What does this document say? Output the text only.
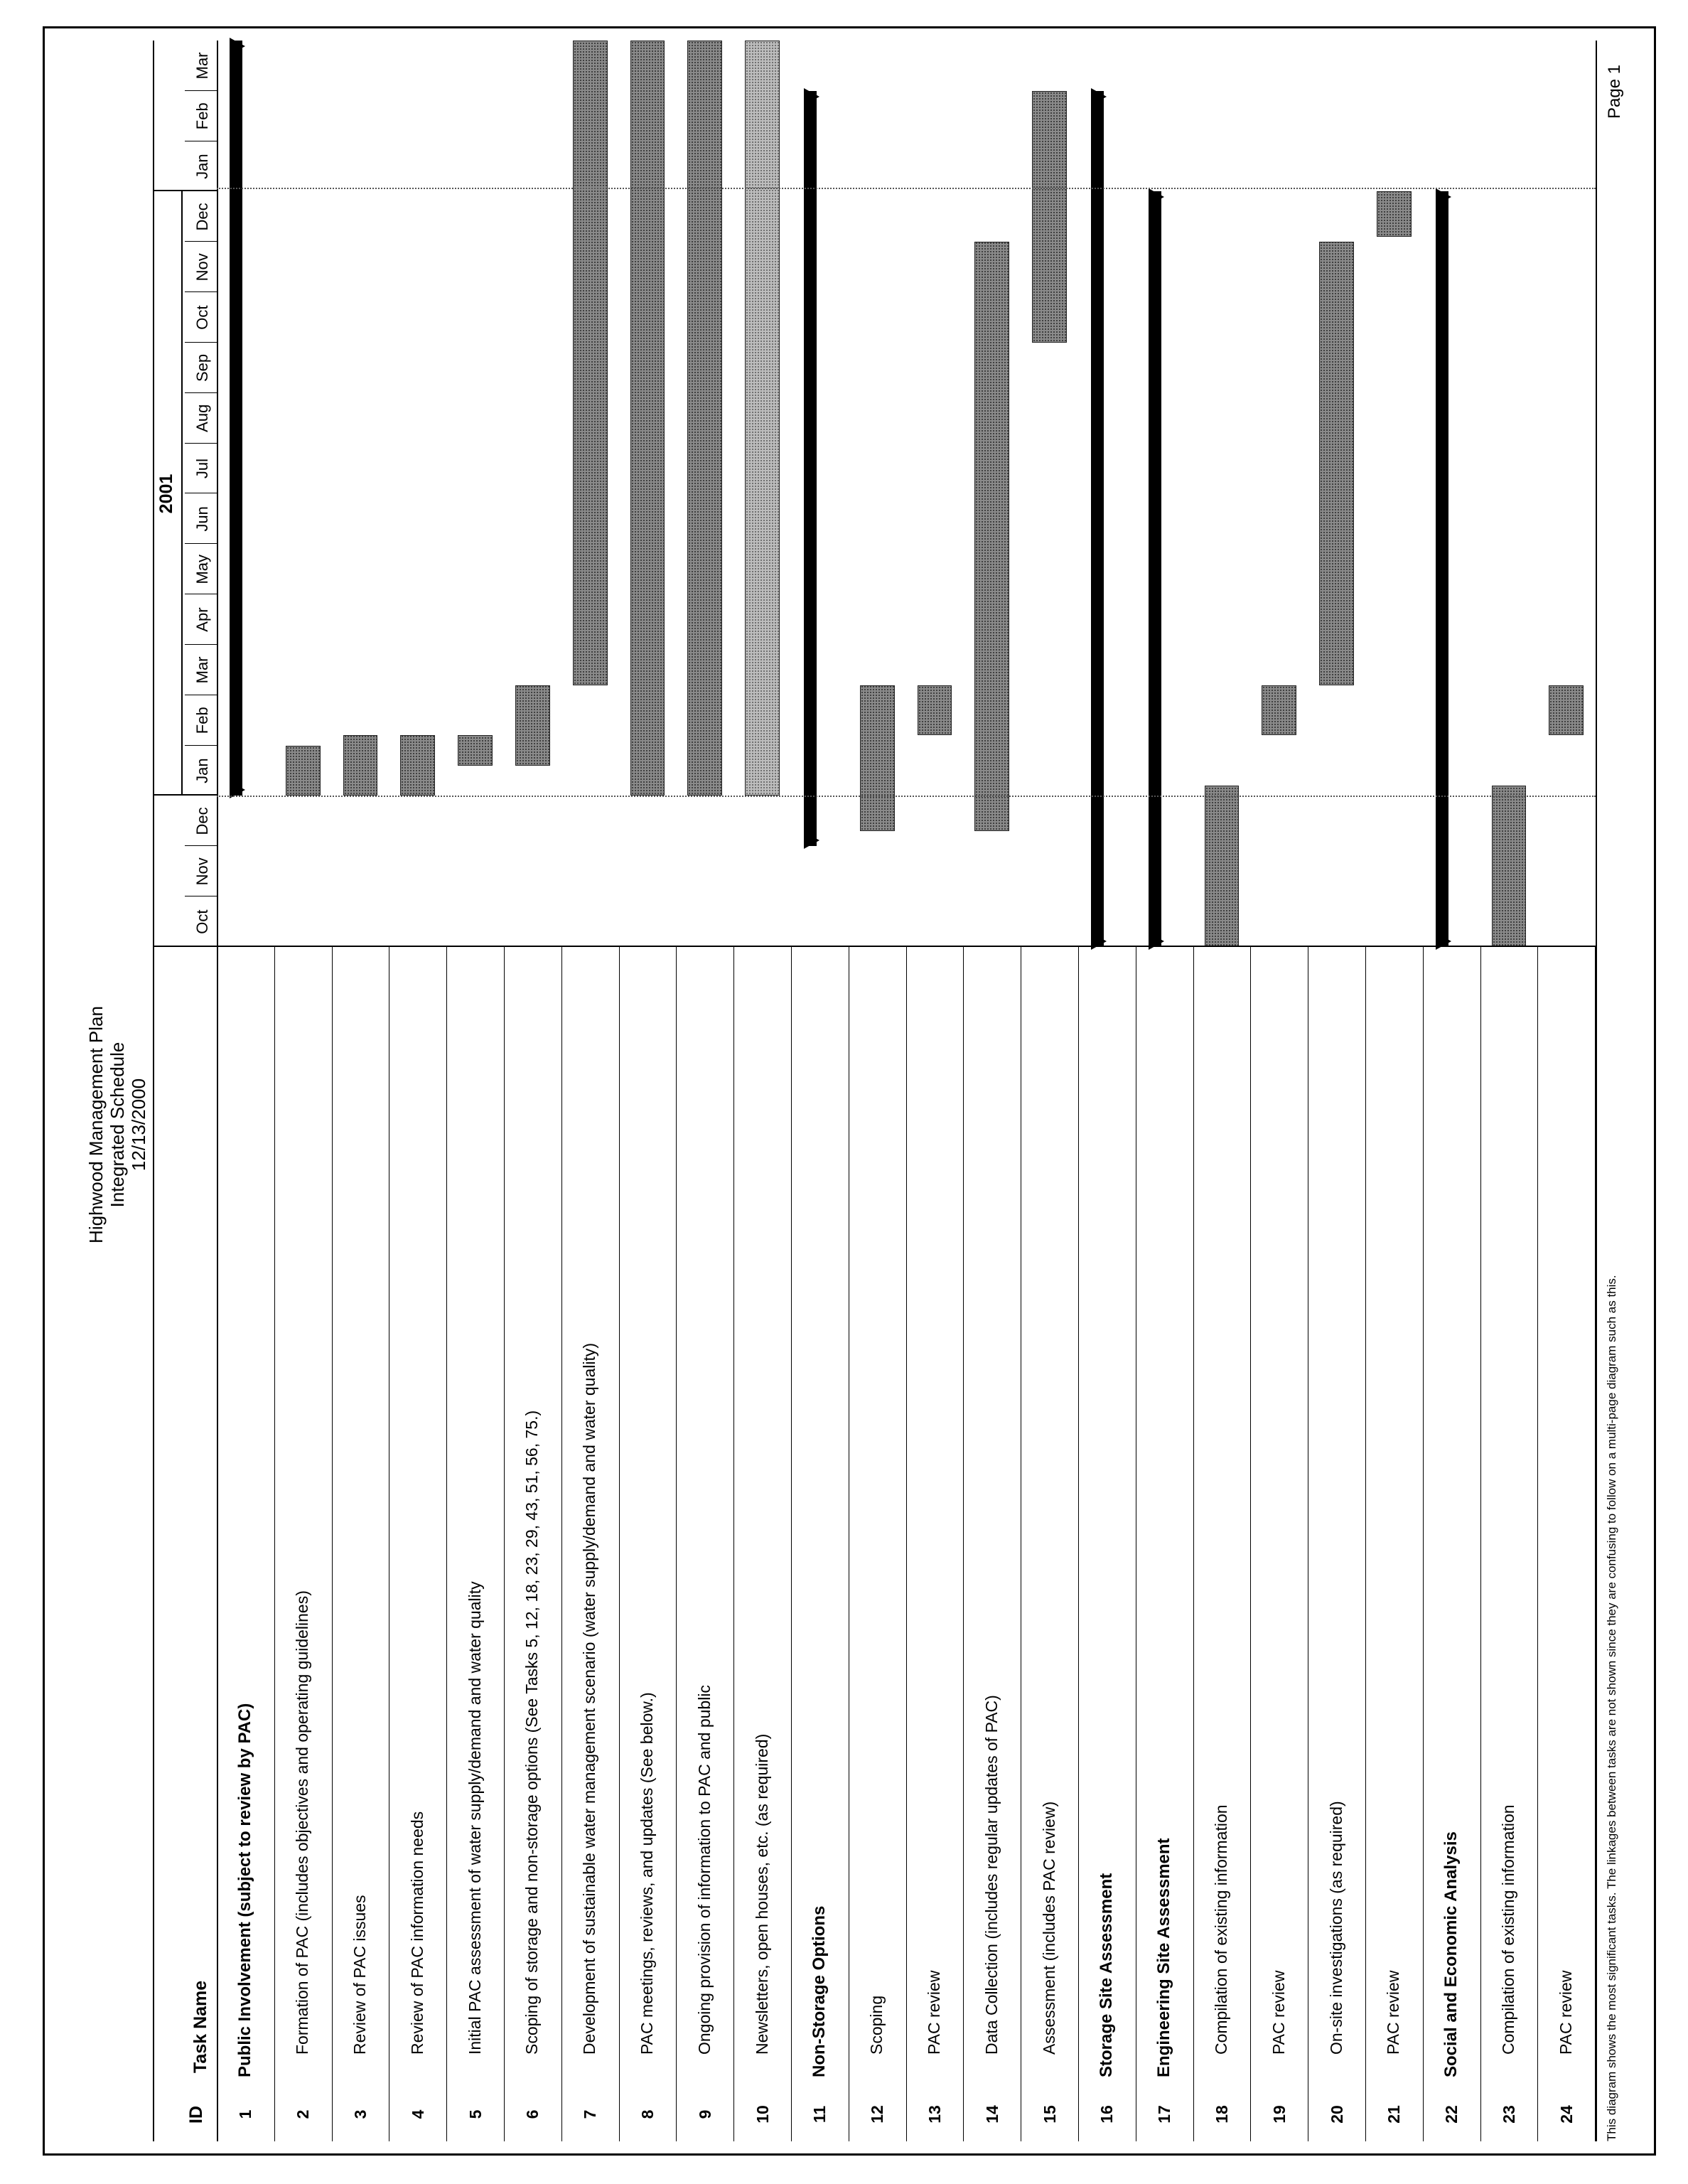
Highwood Management Plan Integrated Schedule 12/13/2000
ID
Task Name
2001
Oct
Nov
Dec
Jan
Feb
Mar
Apr
May
Jun
Jul
Aug
Sep
Oct
Nov
Dec
Jan
Feb
Mar
1
Public Involvement (subject to review by PAC)
2
Formation of PAC (includes objectives and operating guidelines)
3
Review of PAC issues
4
Review of PAC information needs
5
Initial PAC assessment of water supply/demand and water quality
6
Scoping of storage and non-storage options (See Tasks 5, 12, 18, 23, 29, 43, 51, 56, 75.)
7
Development of sustainable water management scenario (water supply/demand and water quality)
8
PAC meetings, reviews, and updates (See below.)
9
Ongoing provision of information to PAC and public
10
Newsletters, open houses, etc. (as required)
11
Non-Storage Options
12
Scoping
13
PAC review
14
Data Collection (includes regular updates of PAC)
15
Assessment (includes PAC review)
16
Storage Site Assessment
17
Engineering Site Assessment
18
Compilation of existing information
19
PAC review
20
On-site investigations (as required)
21
PAC review
22
Social and Economic Analysis
23
Compilation of existing information
24
PAC review This diagram shows the most significant tasks. The linkages between tasks are not shown since they are confusing to follow on a multi-page diagram such as this.
Page 1
